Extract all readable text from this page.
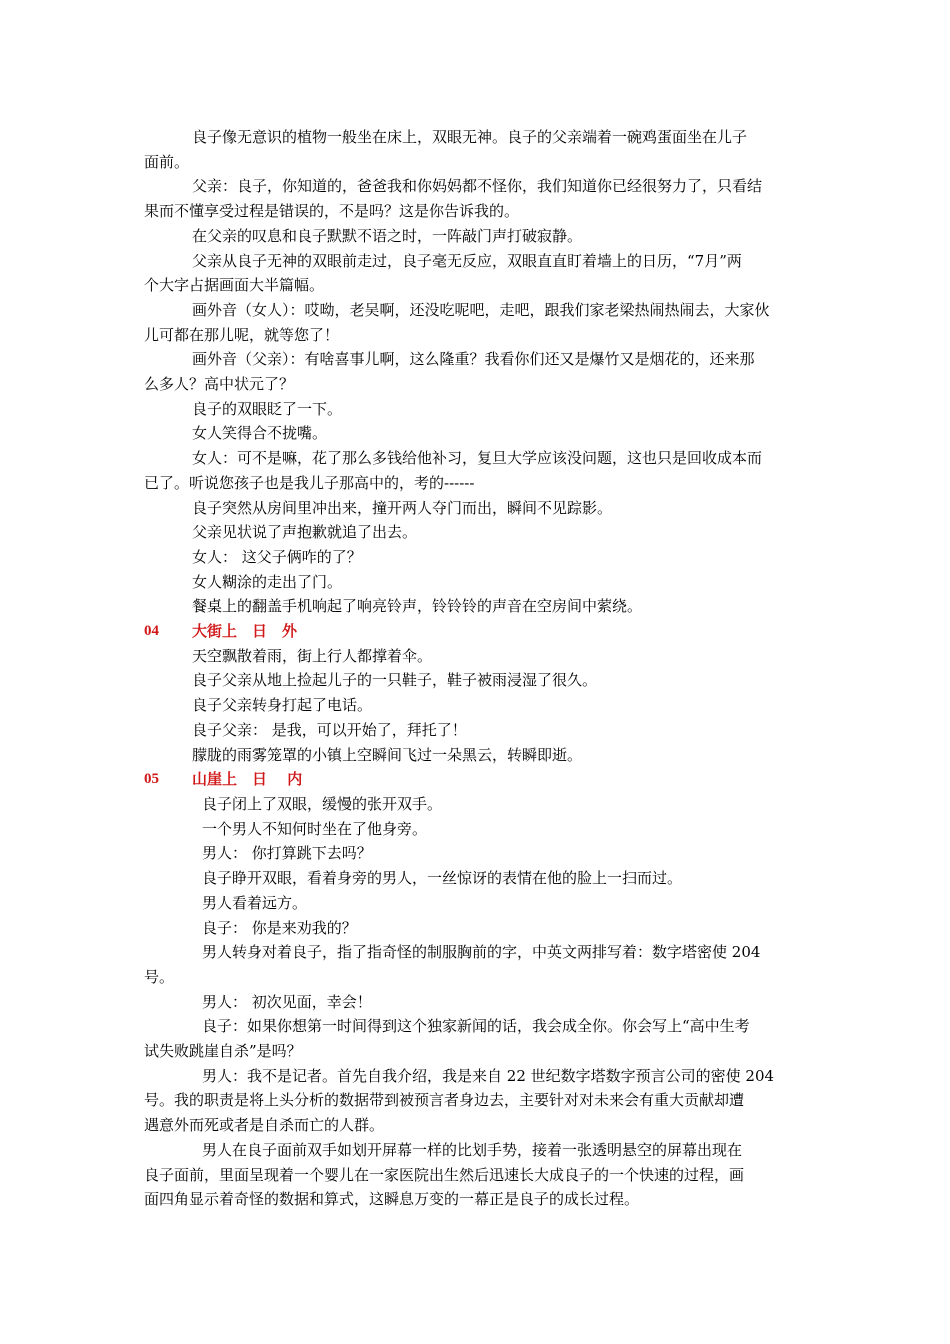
良子像无意识的植物一般坐在床上，双眼无神。良子的父亲端着一碗鸡蛋面坐在儿子

面前。

父亲：良子，你知道的，爸爸我和你妈妈都不怪你，我们知道你已经很努力了，只看结

果而不懂享受过程是错误的，不是吗？这是你告诉我的。

在父亲的叹息和良子默默不语之时，一阵敲门声打破寂静。

父亲从良子无神的双眼前走过，良子毫无反应，双眼直直盯着墙上的日历，“7月”两

个大字占据画面大半篇幅。

画外音（女人）：哎呦，老吴啊，还没吃呢吧，走吧，跟我们家老梁热闹热闹去，大家伙

儿可都在那儿呢，就等您了！

画外音（父亲）：有啥喜事儿啊，这么隆重？我看你们还又是爆竹又是烟花的，还来那

么多人？高中状元了？

良子的双眼眨了一下。

女人笑得合不拢嘴。

女人：可不是嘛，花了那么多钱给他补习，复旦大学应该没问题，这也只是回收成本而

已了。听说您孩子也是我儿子那高中的，考的------

良子突然从房间里冲出来，撞开两人夺门而出，瞬间不见踪影。

父亲见状说了声抱歉就追了出去。

女人： 这父子俩咋的了？

女人糊涂的走出了门。

餐桌上的翻盖手机响起了响亮铃声，铃铃铃的声音在空房间中萦绕。

04	大街上　日　外

天空飘散着雨，街上行人都撑着伞。

良子父亲从地上捡起儿子的一只鞋子，鞋子被雨浸湿了很久。

良子父亲转身打起了电话。

良子父亲： 是我，可以开始了，拜托了！

朦胧的雨雾笼罩的小镇上空瞬间飞过一朵黑云，转瞬即逝。

05	山崖上　日　 内

良子闭上了双眼，缓慢的张开双手。

一个男人不知何时坐在了他身旁。

男人： 你打算跳下去吗？

良子睁开双眼，看着身旁的男人，一丝惊讶的表情在他的脸上一扫而过。

男人看着远方。

良子： 你是来劝我的？

男人转身对着良子，指了指奇怪的制服胸前的字，中英文两排写着：数字塔密使 204

号。

男人： 初次见面，幸会！

良子：如果你想第一时间得到这个独家新闻的话，我会成全你。你会写上“高中生考

试失败跳崖自杀”是吗？

男人：我不是记者。首先自我介绍，我是来自 22 世纪数字塔数字预言公司的密使 204

号。我的职责是将上头分析的数据带到被预言者身边去，主要针对对未来会有重大贡献却遭

遇意外而死或者是自杀而亡的人群。

男人在良子面前双手如划开屏幕一样的比划手势，接着一张透明悬空的屏幕出现在

良子面前，里面呈现着一个婴儿在一家医院出生然后迅速长大成良子的一个快速的过程，画

面四角显示着奇怪的数据和算式，这瞬息万变的一幕正是良子的成长过程。
